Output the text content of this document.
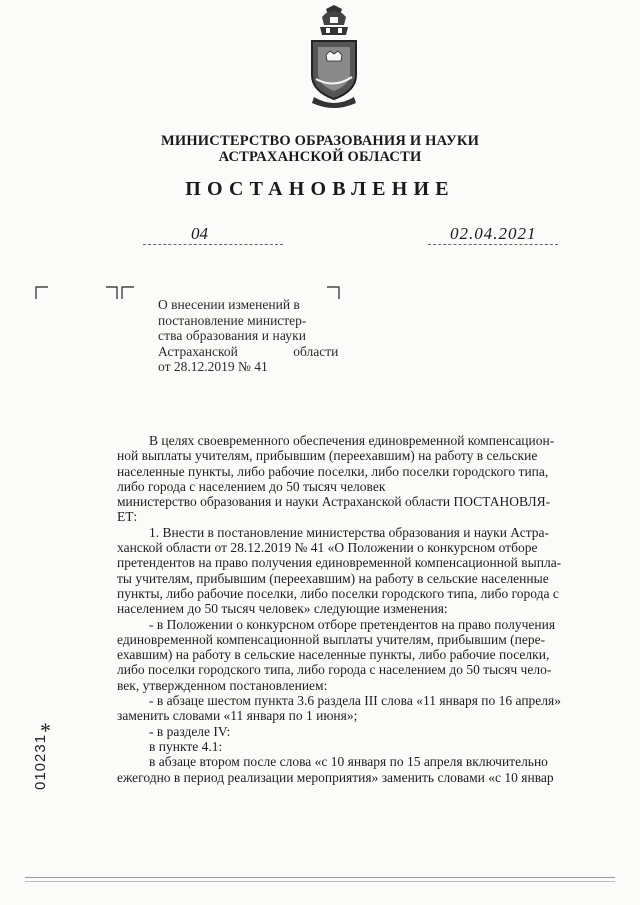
МИНИСТЕРСТВО ОБРАЗОВАНИЯ И НАУКИ
АСТРАХАНСКОЙ ОБЛАСТИ
ПОСТАНОВЛЕНИЕ
04	02.04.2021
О внесении изменений в
постановление министер-
ства образования и науки
Астраханской области
от 28.12.2019 № 41
В целях своевременного обеспечения единовременной компенсацион-
ной выплаты учителям, прибывшим (переехавшим) на работу в сельские
населенные пункты, либо рабочие поселки, либо поселки городского типа,
либо города с населением до 50 тысяч человек
министерство образования и науки Астраханской области ПОСТАНОВЛЯ-
ЕТ:
1. Внести в постановление министерства образования и науки Астра-
ханской области от 28.12.2019 № 41 «О Положении о конкурсном отборе
претендентов на право получения единовременной компенсационной выпла-
ты учителям, прибывшим (переехавшим) на работу в сельские населенные
пункты, либо рабочие поселки, либо поселки городского типа, либо города с
населением до 50 тысяч человек» следующие изменения:
- в Положении о конкурсном отборе претендентов на право получения
единовременной компенсационной выплаты учителям, прибывшим (пере-
ехавшим) на работу в сельские населенные пункты, либо рабочие поселки,
либо поселки городского типа, либо города с населением до 50 тысяч чело-
век, утвержденном постановлением:
- в абзаце шестом пункта 3.6 раздела III слова «11 января по 16 апреля»
заменить словами «11 января по 1 июня»;
- в разделе IV:
в пункте 4.1:
в абзаце втором после слова «с 10 января по 15 апреля включительно
ежегодно в период реализации мероприятия» заменить словами «с 10 январ
*
010231
